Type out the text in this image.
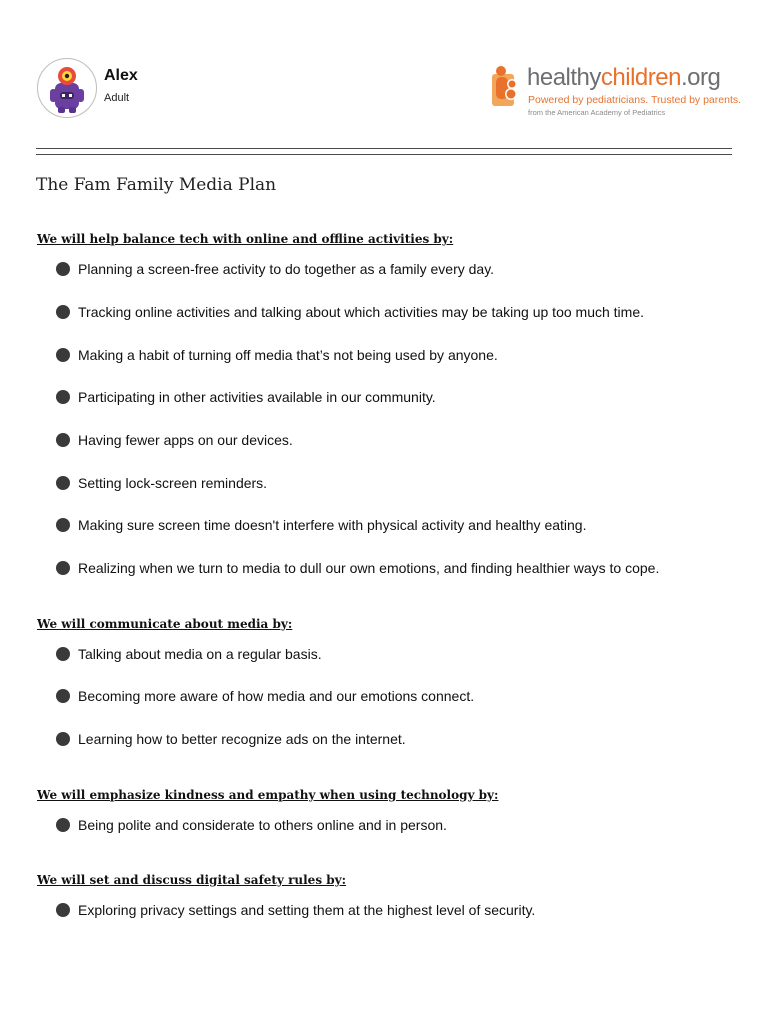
Alex
Adult
healthychildren.org
Powered by pediatricians. Trusted by parents.
from the American Academy of Pediatrics
The Fam Family Media Plan
We will help balance tech with online and offline activities by:
Planning a screen-free activity to do together as a family every day.
Tracking online activities and talking about which activities may be taking up too much time.
Making a habit of turning off media that’s not being used by anyone.
Participating in other activities available in our community.
Having fewer apps on our devices.
Setting lock-screen reminders.
Making sure screen time doesn't interfere with physical activity and healthy eating.
Realizing when we turn to media to dull our own emotions, and finding healthier ways to cope.
We will communicate about media by:
Talking about media on a regular basis.
Becoming more aware of how media and our emotions connect.
Learning how to better recognize ads on the internet.
We will emphasize kindness and empathy when using technology by:
Being polite and considerate to others online and in person.
We will set and discuss digital safety rules by:
Exploring privacy settings and setting them at the highest level of security.
